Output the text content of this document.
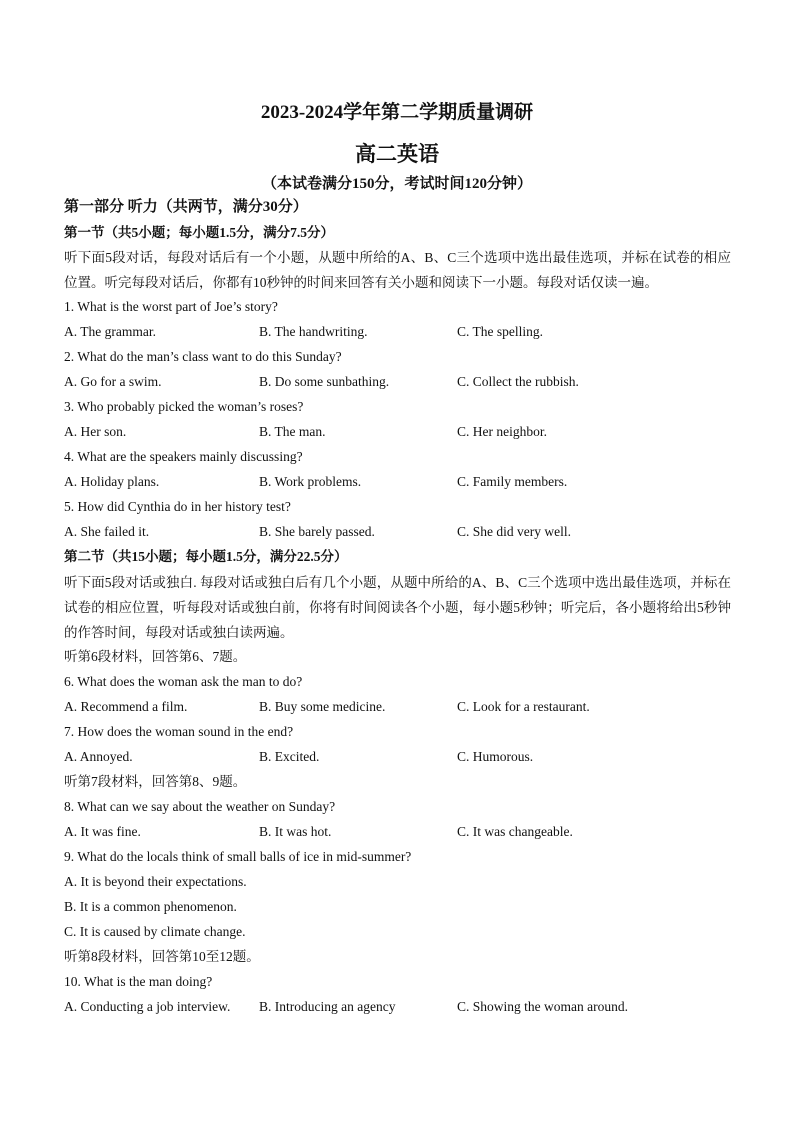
2023-2024学年第二学期质量调研
高二英语
（本试卷满分150分，考试时间120分钟）
第一部分 听力（共两节，满分30分）
第一节（共5小题；每小题1.5分，满分7.5分）
听下面5段对话，每段对话后有一个小题，从题中所给的A、B、C三个选项中选出最佳选项，并标在试卷的相应位置。听完每段对话后，你都有10秒钟的时间来回答有关小题和阅读下一小题。每段对话仅读一遍。
1. What is the worst part of Joe’s story?
A. The grammar.	B. The handwriting.	C. The spelling.
2. What do the man’s class want to do this Sunday?
A. Go for a swim.	B. Do some sunbathing.	C. Collect the rubbish.
3. Who probably picked the woman’s roses?
A. Her son.	B. The man.	C. Her neighbor.
4. What are the speakers mainly discussing?
A. Holiday plans.	B. Work problems.	C. Family members.
5. How did Cynthia do in her history test?
A. She failed it.	B. She barely passed.	C. She did very well.
第二节（共15小题；每小题1.5分，满分22.5分）
听下面5段对话或独白. 每段对话或独白后有几个小题，从题中所给的A、B、C三个选项中选出最佳选项，并标在试卷的相应位置，听每段对话或独白前，你将有时间阅读各个小题，每小题5秒钟；听完后，各小题将给出5秒钟的作答时间，每段对话或独白读两遍。
听第6段材料，回答第6、7题。
6. What does the woman ask the man to do?
A. Recommend a film.	B. Buy some medicine.	C. Look for a restaurant.
7. How does the woman sound in the end?
A. Annoyed.	B. Excited.	C. Humorous.
听第7段材料，回答第8、9题。
8. What can we say about the weather on Sunday?
A. It was fine.	B. It was hot.	C. It was changeable.
9. What do the locals think of small balls of ice in mid-summer?
A. It is beyond their expectations.
B. It is a common phenomenon.
C. It is caused by climate change.
听第8段材料，回答第10至12题。
10. What is the man doing?
A. Conducting a job interview. B. Introducing an agency	C. Showing the woman around.
